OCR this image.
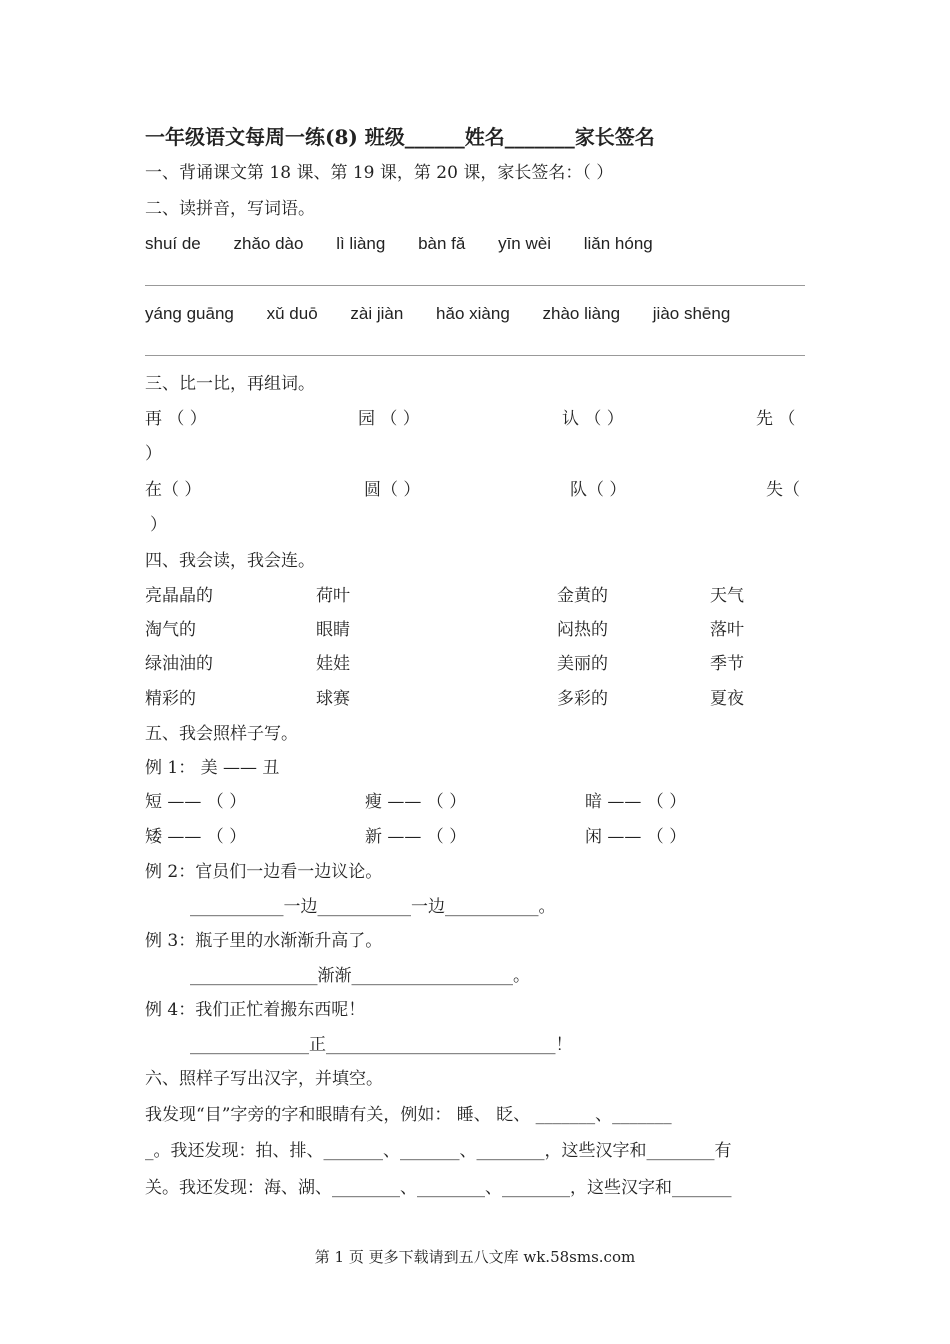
一年级语文每周一练(8) 班级______姓名_______家长签名
一、背诵课文第 18 课、第 19 课，第 20 课，家长签名：（ ）
二、读拼音，写词语。
shuí de zhǎo dào lì liàng bàn fǎ yīn wèi liǎn hóng
yáng guāng xǔ duō zài jiàn hǎo xiàng zhào liàng jiào shēng
三、比一比，再组词。
再 （ ）	园 （ ）	认 （ ）	先 （
）
在（ ）	圆（ ）	队（ ）	失（
）
四、我会读，我会连。
亮晶晶的	荷叶	金黄的	天气
淘气的	眼睛	闷热的	落叶
绿油油的	娃娃	美丽的	季节
精彩的	球赛	多彩的	夏夜
五、我会照样子写。
例 1： 美 —— 丑
短 —— （ ）	瘦 —— （ ）	暗 —— （ ）
矮 —— （ ）	新 —— （ ）	闲 —— （ ）
例 2：官员们一边看一边议论。
___________一边___________一边___________。
例 3：瓶子里的水渐渐升高了。
_______________渐渐___________________。
例 4：我们正忙着搬东西呢！
______________正___________________________！
六、照样子写出汉字，并填空。
我发现“目”字旁的字和眼睛有关，例如： 睡、 眨、 _______、_______
_。我还发现：拍、排、_______、_______、________，这些汉字和________有
关。我还发现：海、湖、________、________、________，这些汉字和_______
第 1 页 更多下载请到五八文库 wk.58sms.com
